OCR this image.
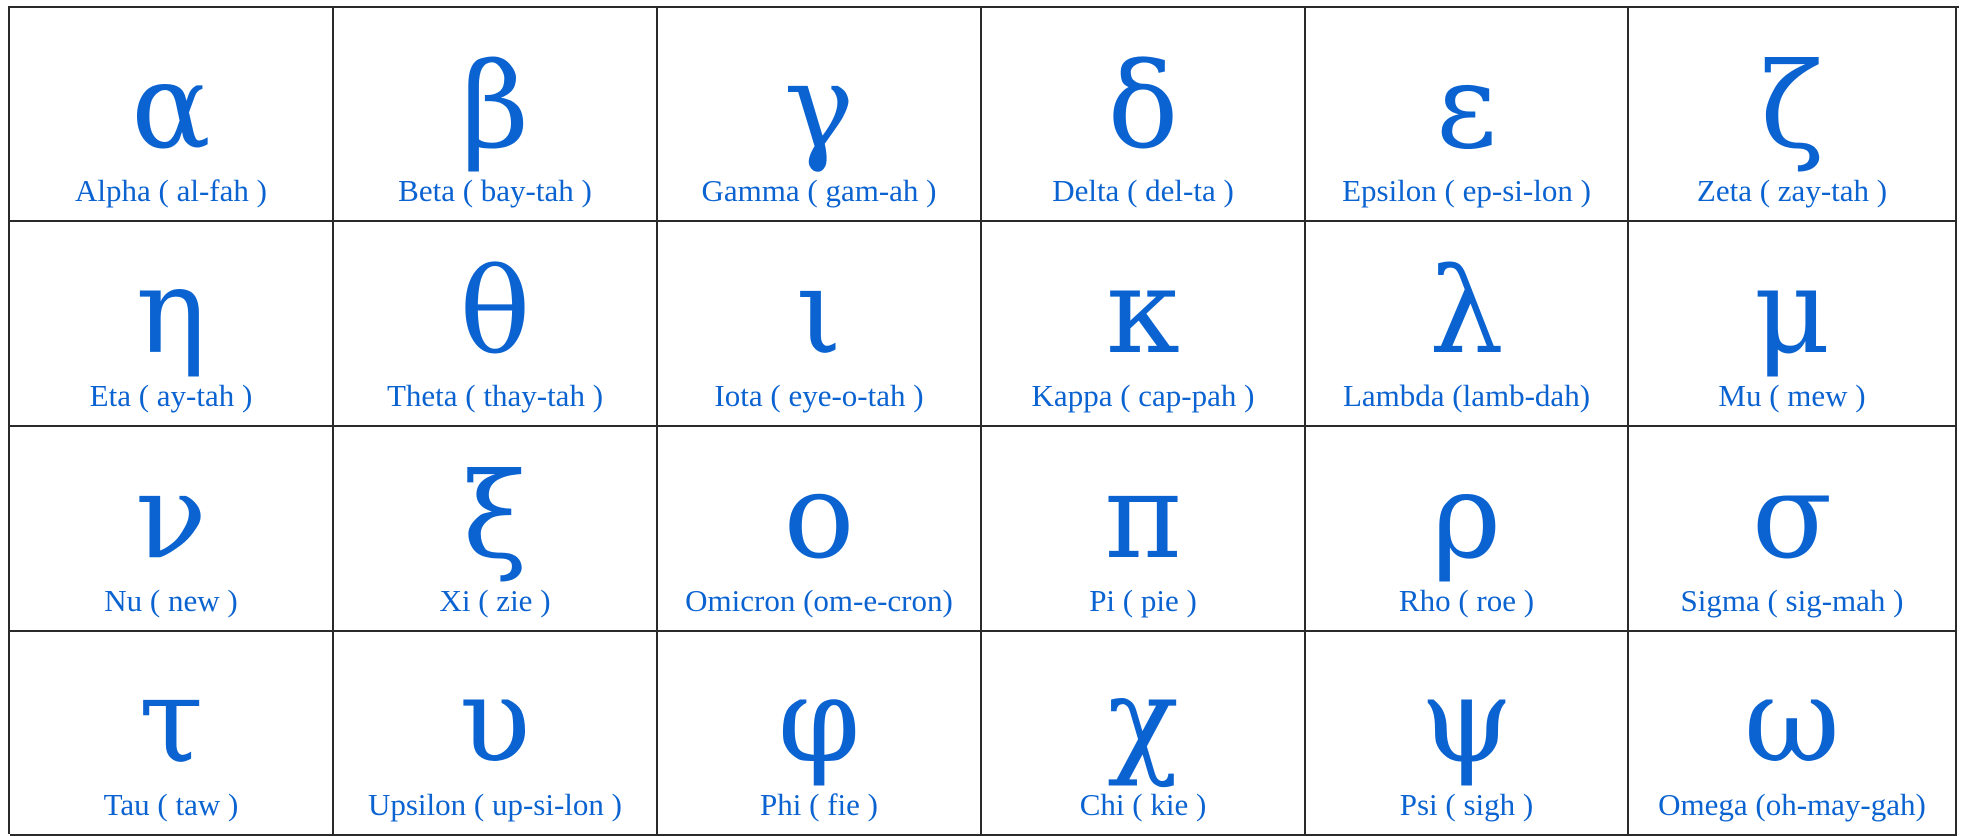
α
Alpha ( al-fah )
β
Beta ( bay-tah )
γ
Gamma ( gam-ah )
δ
Delta ( del-ta )
ε
Epsilon ( ep-si-lon )
ζ
Zeta ( zay-tah )
η
Eta ( ay-tah )
θ
Theta ( thay-tah )
ι
Iota ( eye-o-tah )
κ
Kappa ( cap-pah )
λ
Lambda (lamb-dah)
μ
Mu ( mew )
ν
Nu ( new )
ξ
Xi ( zie )
ο
Omicron (om-e-cron)
π
Pi ( pie )
ρ
Rho ( roe )
σ
Sigma ( sig-mah )
τ
Tau ( taw )
υ
Upsilon ( up-si-lon )
φ
Phi ( fie )
χ
Chi ( kie )
ψ
Psi ( sigh )
ω
Omega (oh-may-gah)
